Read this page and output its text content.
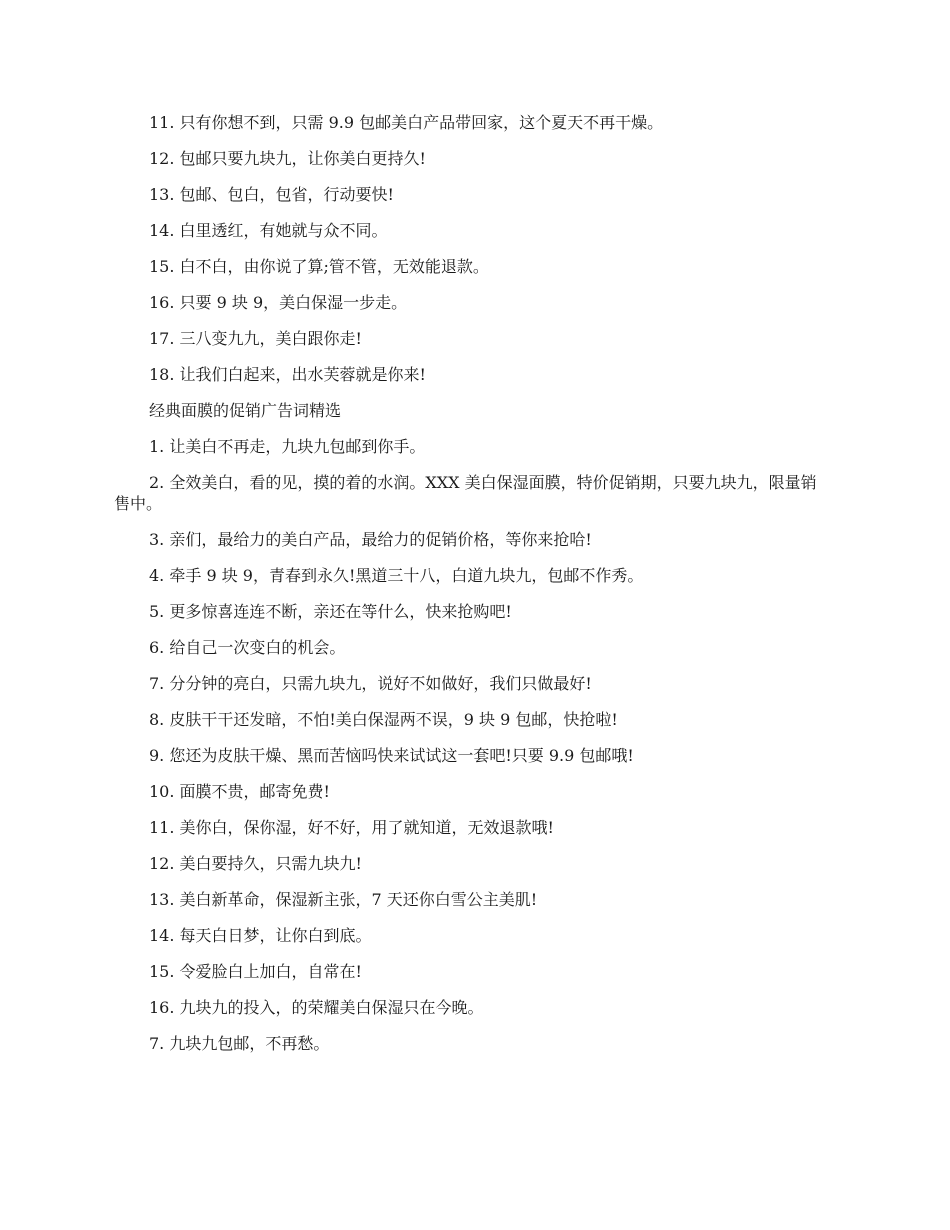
11. 只有你想不到，只需 9.9 包邮美白产品带回家，这个夏天不再干燥。

12. 包邮只要九块九，让你美白更持久!

13. 包邮、包白，包省，行动要快!

14. 白里透红，有她就与众不同。

15. 白不白，由你说了算;管不管，无效能退款。

16. 只要 9 块 9，美白保湿一步走。

17. 三八变九九，美白跟你走!

18. 让我们白起来，出水芙蓉就是你来!

经典面膜的促销广告词精选

1. 让美白不再走，九块九包邮到你手。

2. 全效美白，看的见，摸的着的水润。XXX 美白保湿面膜，特价促销期，只要九块九，限量销售中。

3. 亲们，最给力的美白产品，最给力的促销价格，等你来抢哈!

4. 牵手 9 块 9，青春到永久!黑道三十八，白道九块九，包邮不作秀。

5. 更多惊喜连连不断，亲还在等什么，快来抢购吧!

6. 给自己一次变白的机会。

7. 分分钟的亮白，只需九块九，说好不如做好，我们只做最好!

8. 皮肤干干还发暗，不怕!美白保湿两不误，9 块 9 包邮，快抢啦!

9. 您还为皮肤干燥、黑而苦恼吗快来试试这一套吧!只要 9.9 包邮哦!

10. 面膜不贵，邮寄免费!

11. 美你白，保你湿，好不好，用了就知道，无效退款哦!

12. 美白要持久，只需九块九!

13. 美白新革命，保湿新主张，7 天还你白雪公主美肌!

14. 每天白日梦，让你白到底。

15. 令爱脸白上加白，自常在!

16. 九块九的投入，的荣耀美白保湿只在今晚。

7. 九块九包邮，不再愁。
